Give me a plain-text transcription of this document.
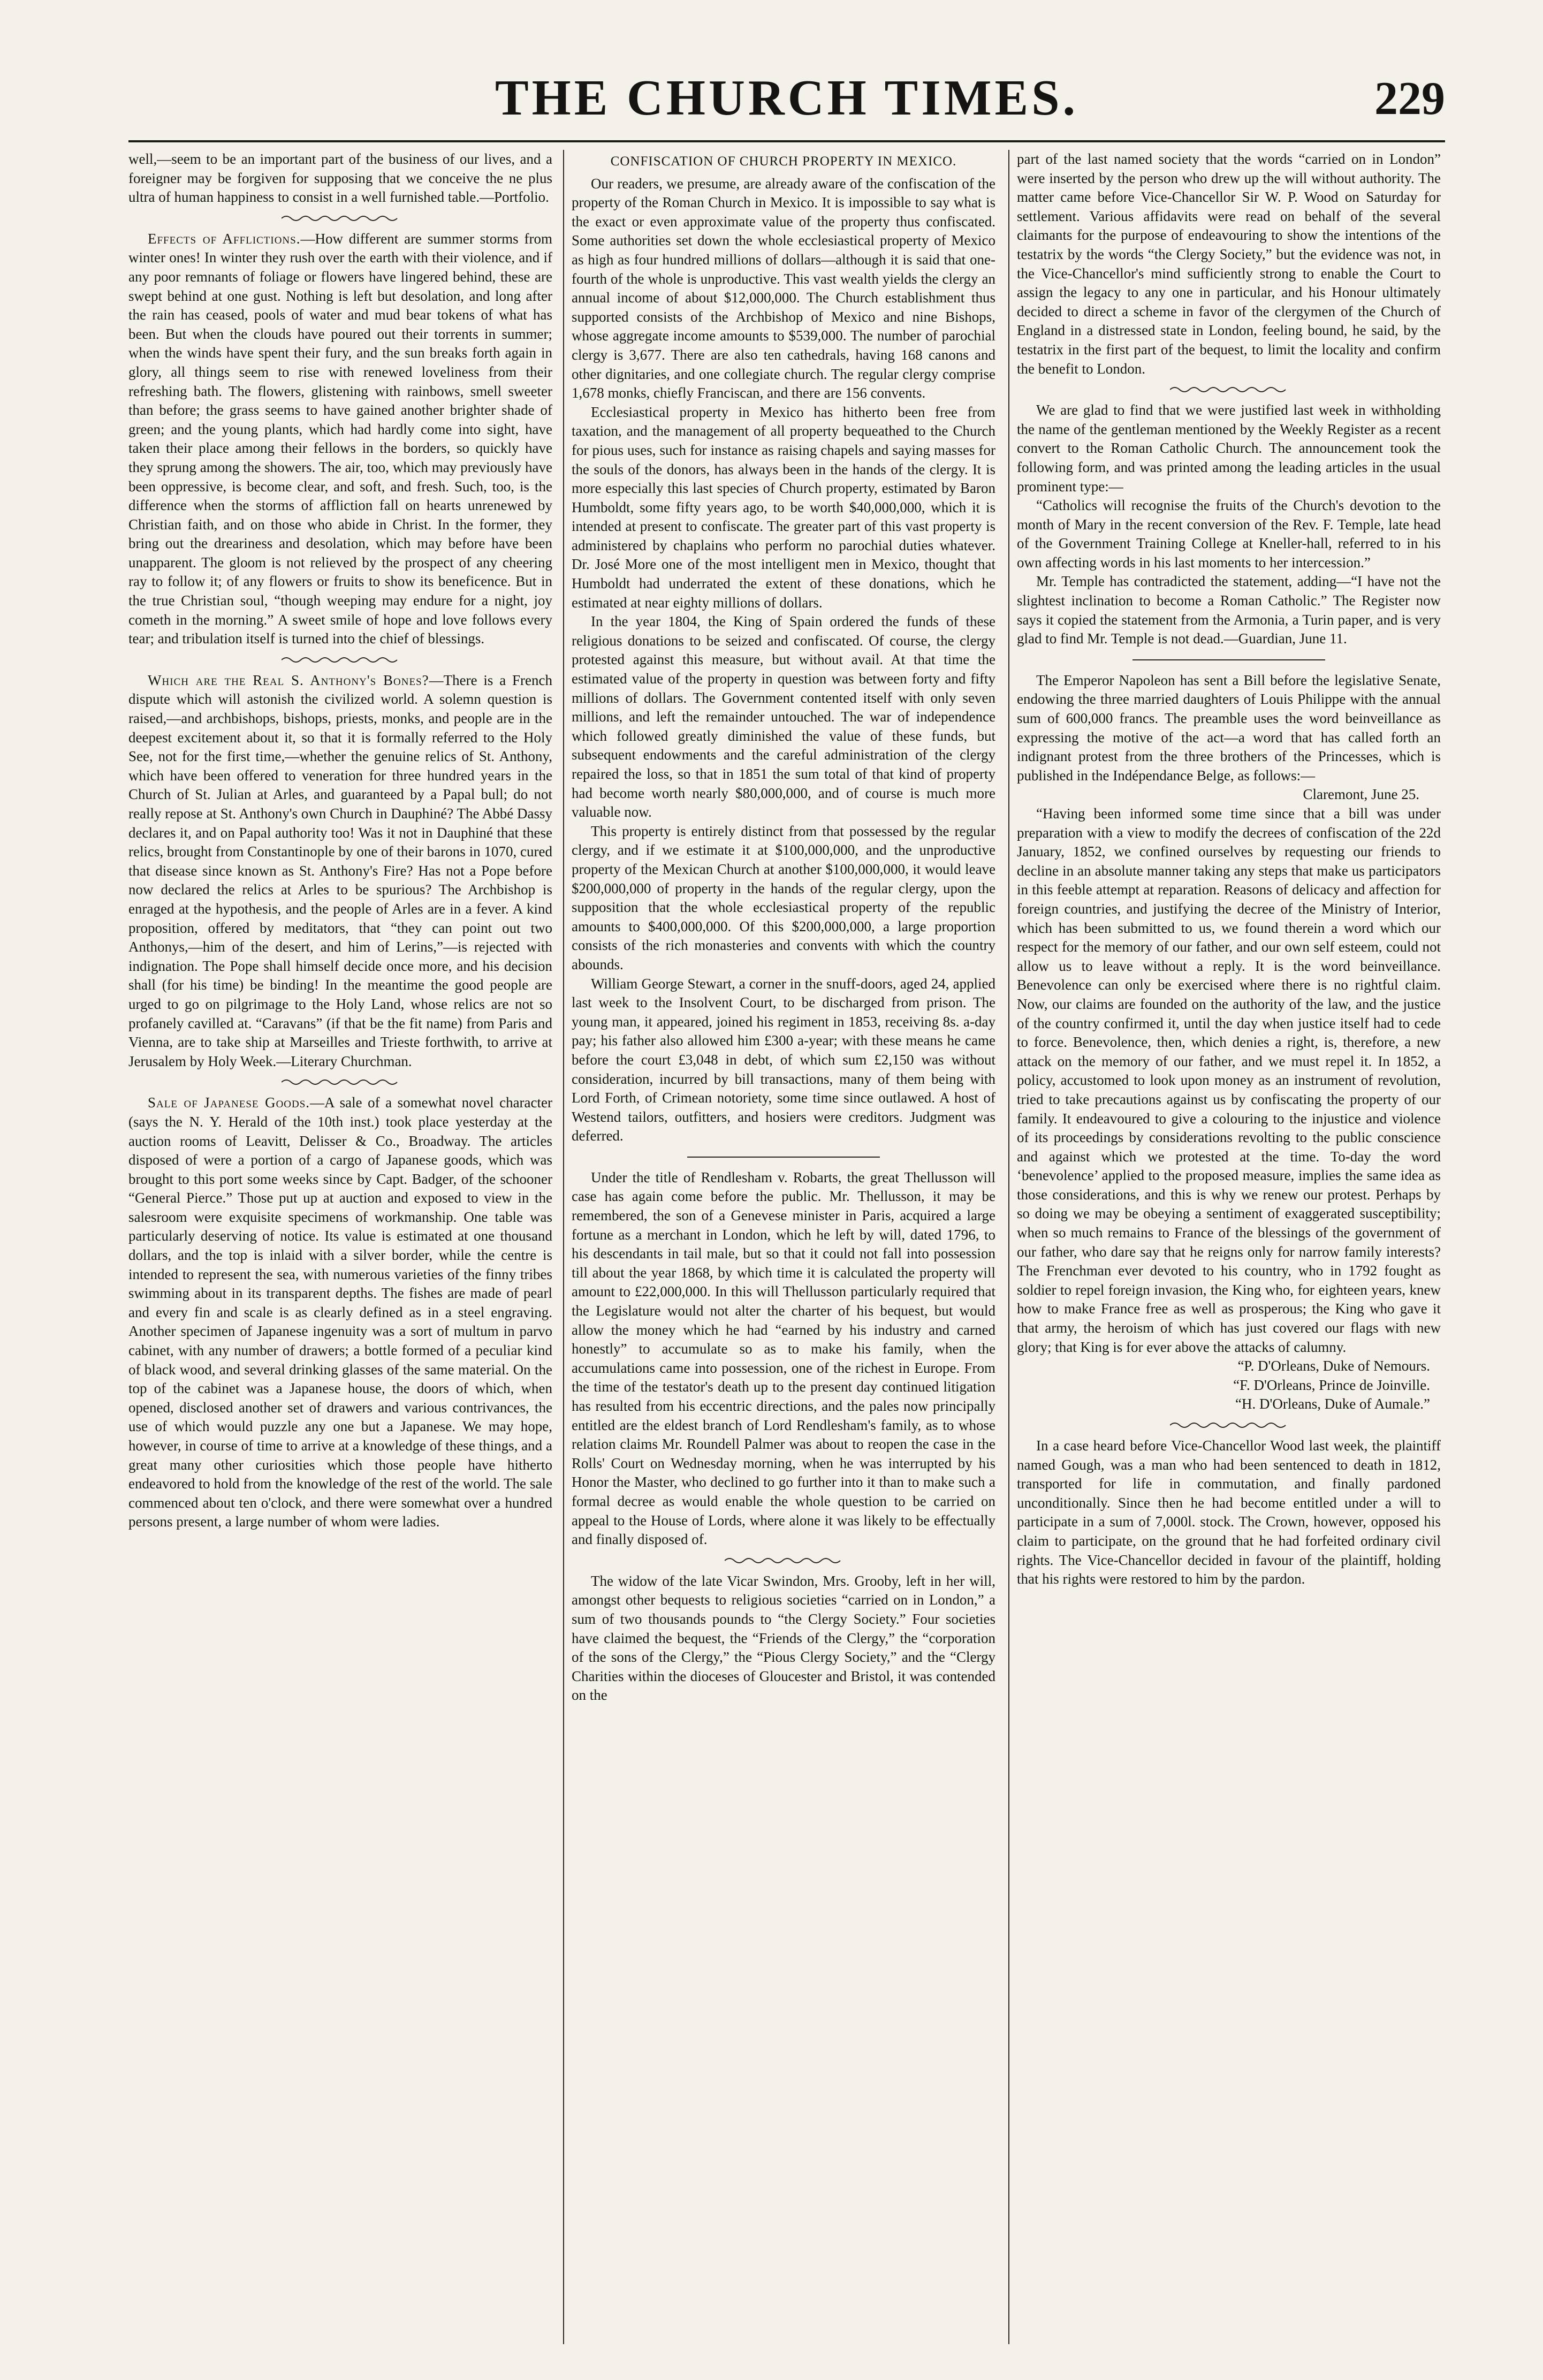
THE CHURCH TIMES.	229

well,—seem to be an important part of the business of our lives, and a foreigner may be forgiven for supposing that we conceive the ne plus ultra of human happiness to consist in a well furnished table.—Portfolio.

Effects of Afflictions.—How different are summer storms from winter ones! In winter they rush over the earth with their violence, and if any poor remnants of foliage or flowers have lingered behind, these are swept behind at one gust. Nothing is left but desolation, and long after the rain has ceased, pools of water and mud bear tokens of what has been. But when the clouds have poured out their torrents in summer; when the winds have spent their fury, and the sun breaks forth again in glory, all things seem to rise with renewed loveliness from their refreshing bath. The flowers, glistening with rainbows, smell sweeter than before; the grass seems to have gained another brighter shade of green; and the young plants, which had hardly come into sight, have taken their place among their fellows in the borders, so quickly have they sprung among the showers. The air, too, which may previously have been oppressive, is become clear, and soft, and fresh. Such, too, is the difference when the storms of affliction fall on hearts unrenewed by Christian faith, and on those who abide in Christ. In the former, they bring out the dreariness and desolation, which may before have been unapparent. The gloom is not relieved by the prospect of any cheering ray to follow it; of any flowers or fruits to show its beneficence. But in the true Christian soul, “though weeping may endure for a night, joy cometh in the morning.” A sweet smile of hope and love follows every tear; and tribulation itself is turned into the chief of blessings.

Which are the Real S. Anthony's Bones?—There is a French dispute which will astonish the civilized world. A solemn question is raised,—and archbishops, bishops, priests, monks, and people are in the deepest excitement about it, so that it is formally referred to the Holy See, not for the first time,—whether the genuine relics of St. Anthony, which have been offered to veneration for three hundred years in the Church of St. Julian at Arles, and guaranteed by a Papal bull; do not really repose at St. Anthony's own Church in Dauphiné? The Abbé Dassy declares it, and on Papal authority too! Was it not in Dauphiné that these relics, brought from Constantinople by one of their barons in 1070, cured that disease since known as St. Anthony's Fire? Has not a Pope before now declared the relics at Arles to be spurious? The Archbishop is enraged at the hypothesis, and the people of Arles are in a fever. A kind proposition, offered by meditators, that “they can point out two Anthonys,—him of the desert, and him of Lerins,”—is rejected with indignation. The Pope shall himself decide once more, and his decision shall (for his time) be binding! In the meantime the good people are urged to go on pilgrimage to the Holy Land, whose relics are not so profanely cavilled at. “Caravans” (if that be the fit name) from Paris and Vienna, are to take ship at Marseilles and Trieste forthwith, to arrive at Jerusalem by Holy Week.—Literary Churchman.

Sale of Japanese Goods.—A sale of a somewhat novel character (says the N. Y. Herald of the 10th inst.) took place yesterday at the auction rooms of Leavitt, Delisser & Co., Broadway. The articles disposed of were a portion of a cargo of Japanese goods, which was brought to this port some weeks since by Capt. Badger, of the schooner “General Pierce.” Those put up at auction and exposed to view in the salesroom were exquisite specimens of workmanship. One table was particularly deserving of notice. Its value is estimated at one thousand dollars, and the top is inlaid with a silver border, while the centre is intended to represent the sea, with numerous varieties of the finny tribes swimming about in its transparent depths. The fishes are made of pearl and every fin and scale is as clearly defined as in a steel engraving. Another specimen of Japanese ingenuity was a sort of multum in parvo cabinet, with any number of drawers; a bottle formed of a peculiar kind of black wood, and several drinking glasses of the same material. On the top of the cabinet was a Japanese house, the doors of which, when opened, disclosed another set of drawers and various contrivances, the use of which would puzzle any one but a Japanese. We may hope, however, in course of time to arrive at a knowledge of these things, and a great many other curiosities which those people have hitherto endeavored to hold from the knowledge of the rest of the world. The sale commenced about ten o'clock, and there were somewhat over a hundred persons present, a large number of whom were ladies.

CONFISCATION OF CHURCH PROPERTY IN MEXICO.

Our readers, we presume, are already aware of the confiscation of the property of the Roman Church in Mexico. It is impossible to say what is the exact or even approximate value of the property thus confiscated. Some authorities set down the whole ecclesiastical property of Mexico as high as four hundred millions of dollars—although it is said that one-fourth of the whole is unproductive. This vast wealth yields the clergy an annual income of about $12,000,000. The Church establishment thus supported consists of the Archbishop of Mexico and nine Bishops, whose aggregate income amounts to $539,000. The number of parochial clergy is 3,677. There are also ten cathedrals, having 168 canons and other dignitaries, and one collegiate church. The regular clergy comprise 1,678 monks, chiefly Franciscan, and there are 156 convents.

Ecclesiastical property in Mexico has hitherto been free from taxation, and the management of all property bequeathed to the Church for pious uses, such for instance as raising chapels and saying masses for the souls of the donors, has always been in the hands of the clergy. It is more especially this last species of Church property, estimated by Baron Humboldt, some fifty years ago, to be worth $40,000,000, which it is intended at present to confiscate. The greater part of this vast property is administered by chaplains who perform no parochial duties whatever. Dr. José More one of the most intelligent men in Mexico, thought that Humboldt had underrated the extent of these donations, which he estimated at near eighty millions of dollars.

In the year 1804, the King of Spain ordered the funds of these religious donations to be seized and confiscated. Of course, the clergy protested against this measure, but without avail. At that time the estimated value of the property in question was between forty and fifty millions of dollars. The Government contented itself with only seven millions, and left the remainder untouched. The war of independence which followed greatly diminished the value of these funds, but subsequent endowments and the careful administration of the clergy repaired the loss, so that in 1851 the sum total of that kind of property had become worth nearly $80,000,000, and of course is much more valuable now.

This property is entirely distinct from that possessed by the regular clergy, and if we estimate it at $100,000,000, and the unproductive property of the Mexican Church at another $100,000,000, it would leave $200,000,000 of property in the hands of the regular clergy, upon the supposition that the whole ecclesiastical property of the republic amounts to $400,000,000. Of this $200,000,000, a large proportion consists of the rich monasteries and convents with which the country abounds.

William George Stewart, a corner in the snuff-doors, aged 24, applied last week to the Insolvent Court, to be discharged from prison. The young man, it appeared, joined his regiment in 1853, receiving 8s. a-day pay; his father also allowed him £300 a-year; with these means he came before the court £3,048 in debt, of which sum £2,150 was without consideration, incurred by bill transactions, many of them being with Lord Forth, of Crimean notoriety, some time since outlawed. A host of Westend tailors, outfitters, and hosiers were creditors. Judgment was deferred.

Under the title of Rendlesham v. Robarts, the great Thellusson will case has again come before the public. Mr. Thellusson, it may be remembered, the son of a Genevese minister in Paris, acquired a large fortune as a merchant in London, which he left by will, dated 1796, to his descendants in tail male, but so that it could not fall into possession till about the year 1868, by which time it is calculated the property will amount to £22,000,000. In this will Thellusson particularly required that the Legislature would not alter the charter of his bequest, but would allow the money which he had “earned by his industry and carned honestly” to accumulate so as to make his family, when the accumulations came into possession, one of the richest in Europe. From the time of the testator's death up to the present day continued litigation has resulted from his eccentric directions, and the pales now principally entitled are the eldest branch of Lord Rendlesham's family, as to whose relation claims Mr. Roundell Palmer was about to reopen the case in the Rolls' Court on Wednesday morning, when he was interrupted by his Honor the Master, who declined to go further into it than to make such a formal decree as would enable the whole question to be carried on appeal to the House of Lords, where alone it was likely to be effectually and finally disposed of.

The widow of the late Vicar Swindon, Mrs. Grooby, left in her will, amongst other bequests to religious societies “carried on in London,” a sum of two thousands pounds to “the Clergy Society.” Four societies have claimed the bequest, the “Friends of the Clergy,” the “corporation of the sons of the Clergy,” the “Pious Clergy Society,” and the “Clergy Charities within the dioceses of Gloucester and Bristol, it was contended on the

part of the last named society that the words “carried on in London” were inserted by the person who drew up the will without authority. The matter came before Vice-Chancellor Sir W. P. Wood on Saturday for settlement. Various affidavits were read on behalf of the several claimants for the purpose of endeavouring to show the intentions of the testatrix by the words “the Clergy Society,” but the evidence was not, in the Vice-Chancellor's mind sufficiently strong to enable the Court to assign the legacy to any one in particular, and his Honour ultimately decided to direct a scheme in favor of the clergymen of the Church of England in a distressed state in London, feeling bound, he said, by the testatrix in the first part of the bequest, to limit the locality and confirm the benefit to London.

We are glad to find that we were justified last week in withholding the name of the gentleman mentioned by the Weekly Register as a recent convert to the Roman Catholic Church. The announcement took the following form, and was printed among the leading articles in the usual prominent type:—

“Catholics will recognise the fruits of the Church's devotion to the month of Mary in the recent conversion of the Rev. F. Temple, late head of the Government Training College at Kneller-hall, referred to in his own affecting words in his last moments to her intercession.”

Mr. Temple has contradicted the statement, adding—“I have not the slightest inclination to become a Roman Catholic.” The Register now says it copied the statement from the Armonia, a Turin paper, and is very glad to find Mr. Temple is not dead.—Guardian, June 11.

The Emperor Napoleon has sent a Bill before the legislative Senate, endowing the three married daughters of Louis Philippe with the annual sum of 600,000 francs. The preamble uses the word beinveillance as expressing the motive of the act—a word that has called forth an indignant protest from the three brothers of the Princesses, which is published in the Indépendance Belge, as follows:—

Claremont, June 25.

“Having been informed some time since that a bill was under preparation with a view to modify the decrees of confiscation of the 22d January, 1852, we confined ourselves by requesting our friends to decline in an absolute manner taking any steps that make us participators in this feeble attempt at reparation. Reasons of delicacy and affection for foreign countries, and justifying the decree of the Ministry of Interior, which has been submitted to us, we found therein a word which our respect for the memory of our father, and our own self esteem, could not allow us to leave without a reply. It is the word beinveillance. Benevolence can only be exercised where there is no rightful claim. Now, our claims are founded on the authority of the law, and the justice of the country confirmed it, until the day when justice itself had to cede to force. Benevolence, then, which denies a right, is, therefore, a new attack on the memory of our father, and we must repel it. In 1852, a policy, accustomed to look upon money as an instrument of revolution, tried to take precautions against us by confiscating the property of our family. It endeavoured to give a colouring to the injustice and violence of its proceedings by considerations revolting to the public conscience and against which we protested at the time. To-day the word ‘benevolence’ applied to the proposed measure, implies the same idea as those considerations, and this is why we renew our protest. Perhaps by so doing we may be obeying a sentiment of exaggerated susceptibility; when so much remains to France of the blessings of the government of our father, who dare say that he reigns only for narrow family interests? The Frenchman ever devoted to his country, who in 1792 fought as soldier to repel foreign invasion, the King who, for eighteen years, knew how to make France free as well as prosperous; the King who gave it that army, the heroism of which has just covered our flags with new glory; that King is for ever above the attacks of calumny.

“P. D'Orleans, Duke of Nemours.

“F. D'Orleans, Prince de Joinville.

“H. D'Orleans, Duke of Aumale.”

In a case heard before Vice-Chancellor Wood last week, the plaintiff named Gough, was a man who had been sentenced to death in 1812, transported for life in commutation, and finally pardoned unconditionally. Since then he had become entitled under a will to participate in a sum of 7,000l. stock. The Crown, however, opposed his claim to participate, on the ground that he had forfeited ordinary civil rights. The Vice-Chancellor decided in favour of the plaintiff, holding that his rights were restored to him by the pardon.
